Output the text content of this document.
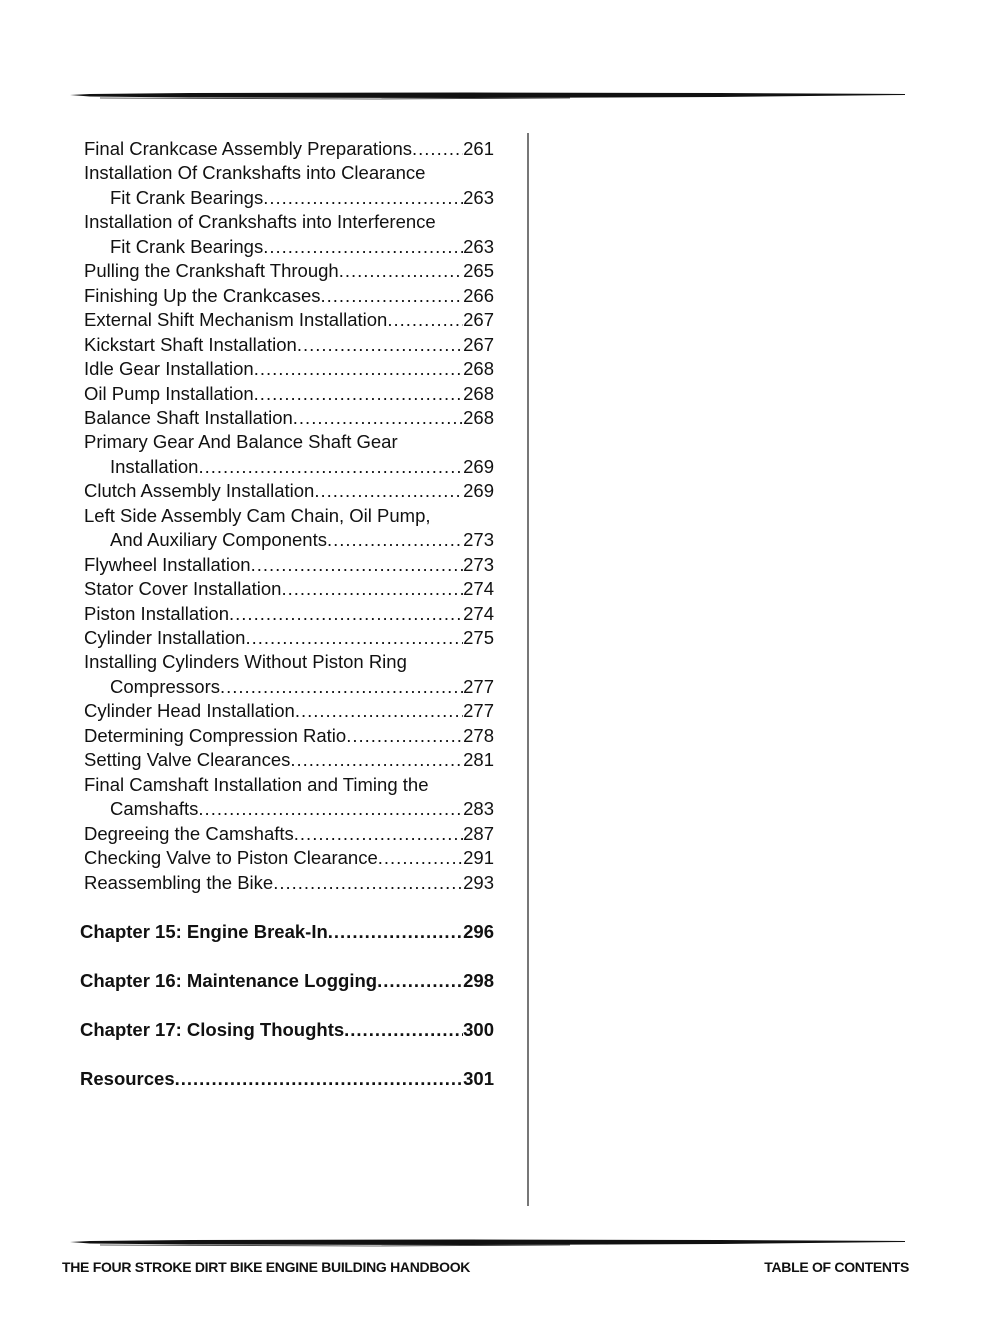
Final Crankcase Assembly Preparations .....	261
Installation Of Crankshafts into Clearance
Fit Crank Bearings .....	263
Installation of Crankshafts into Interference
Fit Crank Bearings .....	263
Pulling the Crankshaft Through .....	265
Finishing Up the Crankcases .....	266
External Shift Mechanism Installation .....	267
Kickstart Shaft Installation .....	267
Idle Gear Installation .....	268
Oil Pump Installation .....	268
Balance Shaft Installation .....	268
Primary Gear And Balance Shaft Gear
Installation .....	269
Clutch Assembly Installation .....	269
Left Side Assembly Cam Chain, Oil Pump,
And Auxiliary Components .....	273
Flywheel Installation .....	273
Stator Cover Installation .....	274
Piston Installation .....	274
Cylinder Installation .....	275
Installing Cylinders Without Piston Ring
Compressors .....	277
Cylinder Head Installation .....	277
Determining Compression Ratio .....	278
Setting Valve Clearances .....	281
Final Camshaft Installation and Timing the
Camshafts .....	283
Degreeing the Camshafts .....	287
Checking Valve to Piston Clearance .....	291
Reassembling the Bike .....	293
Chapter 15: Engine Break-In .....	296
Chapter 16: Maintenance Logging .....	298
Chapter 17: Closing Thoughts .....	300
Resources .....	301
THE FOUR STROKE DIRT BIKE ENGINE BUILDING HANDBOOK	TABLE OF CONTENTS
